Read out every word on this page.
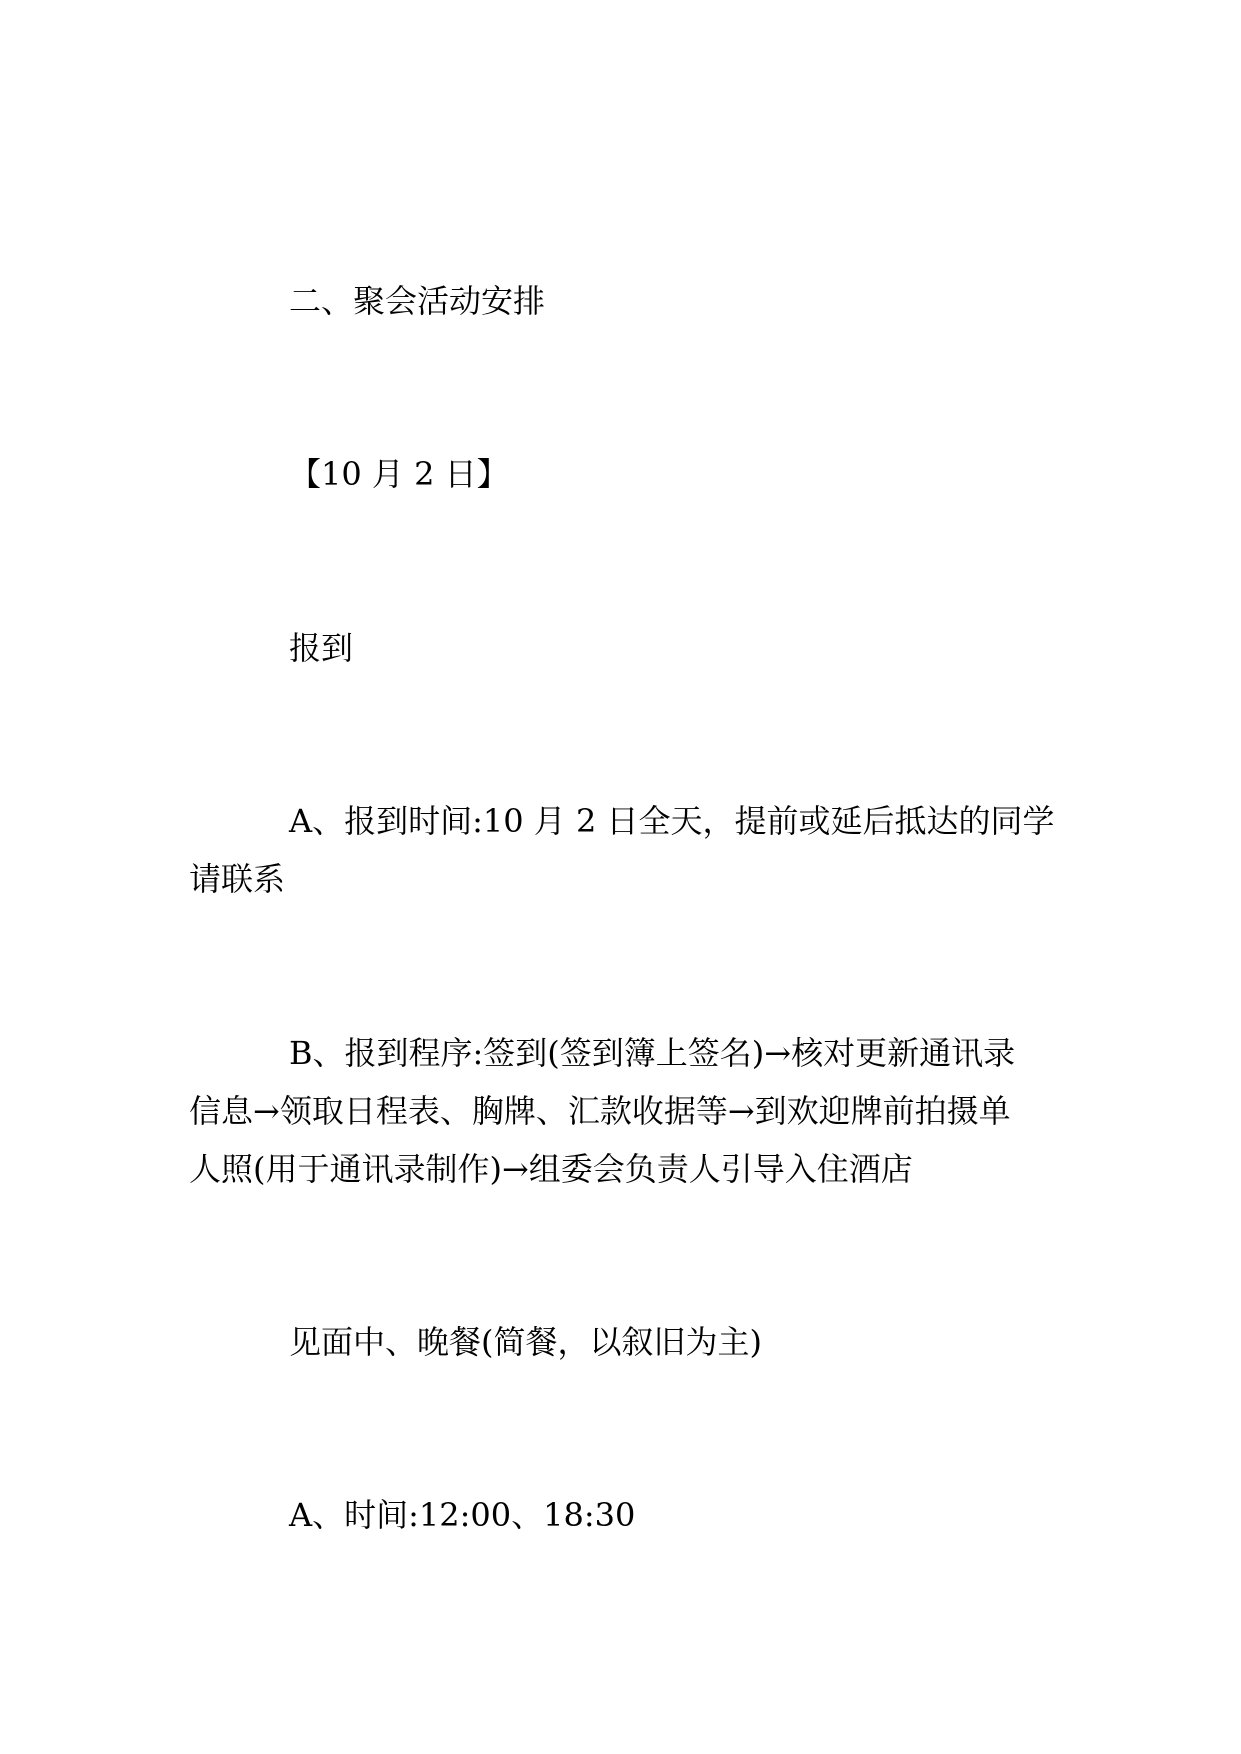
二、聚会活动安排
【10 月 2 日】
报到
A、报到时间:10 月 2 日全天，提前或延后抵达的同学
请联系
B、报到程序:签到(签到簿上签名)→核对更新通讯录
信息→领取日程表、胸牌、汇款收据等→到欢迎牌前拍摄单
人照(用于通讯录制作)→组委会负责人引导入住酒店
见面中、晚餐(简餐，以叙旧为主)
A、时间:12:00、18:30
